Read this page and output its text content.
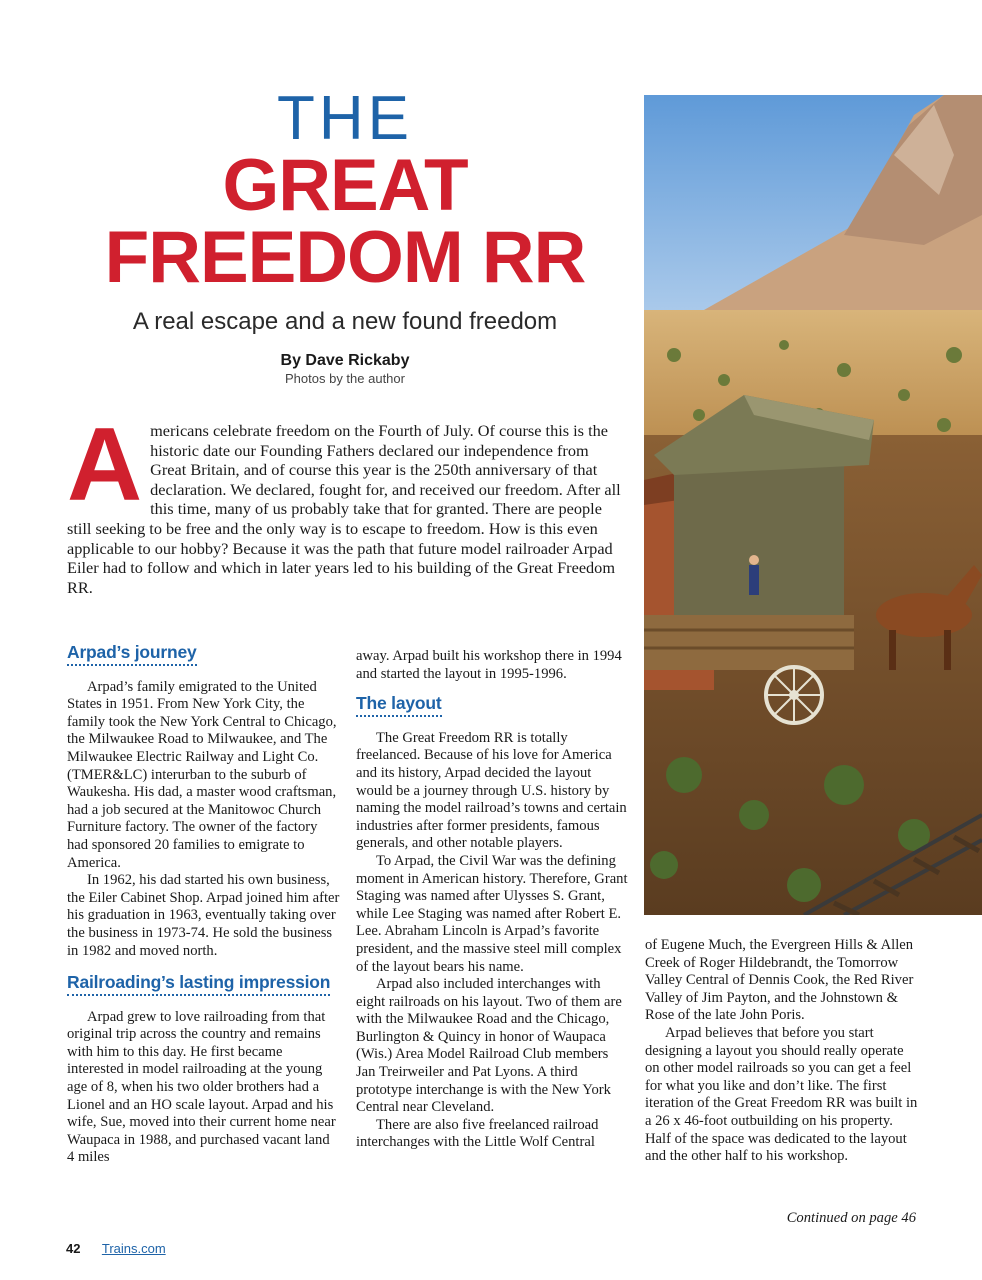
THE
GREAT
FREEDOM RR
A real escape and a new found freedom
By Dave Rickaby
Photos by the author
A mericans celebrate freedom on the Fourth of July. Of course this is the historic date our Founding Fathers declared our independence from Great Britain, and of course this year is the 250th anniversary of that declaration. We declared, fought for, and received our freedom. After all this time, many of us probably take that for granted. There are people still seeking to be free and the only way is to escape to freedom. How is this even applicable to our hobby? Because it was the path that future model railroader Arpad Eiler had to follow and which in later years led to his building of the Great Freedom RR.
Arpad’s journey

Arpad’s family emigrated to the United States in 1951. From New York City, the family took the New York Central to Chicago, the Milwaukee Road to Milwaukee, and The Milwaukee Electric Railway and Light Co. (TMER&LC) interurban to the suburb of Waukesha. His dad, a master wood craftsman, had a job secured at the Manitowoc Church Furniture factory. The owner of the factory had sponsored 20 families to emigrate to America.

In 1962, his dad started his own business, the Eiler Cabinet Shop. Arpad joined him after his graduation in 1963, eventually taking over the business in 1973-74. He sold the business in 1982 and moved north.

Railroading’s lasting impression

Arpad grew to love railroading from that original trip across the country and remains with him to this day. He first became interested in model railroading at the young age of 8, when his two older brothers had a Lionel and an HO scale layout. Arpad and his wife, Sue, moved into their current home near Waupaca in 1988, and purchased vacant land 4 miles

away. Arpad built his workshop there in 1994 and started the layout in 1995-1996.

The layout

The Great Freedom RR is totally freelanced. Because of his love for America and its history, Arpad decided the layout would be a journey through U.S. history by naming the model railroad’s towns and certain industries after former presidents, famous generals, and other notable players.

To Arpad, the Civil War was the defining moment in American history. Therefore, Grant Staging was named after Ulysses S. Grant, while Lee Staging was named after Robert E. Lee. Abraham Lincoln is Arpad’s favorite president, and the massive steel mill complex of the layout bears his name.

Arpad also included interchanges with eight railroads on his layout. Two of them are with the Milwaukee Road and the Chicago, Burlington & Quincy in honor of Waupaca (Wis.) Area Model Railroad Club members Jan Treirweiler and Pat Lyons. A third prototype interchange is with the New York Central near Cleveland.

There are also five freelanced railroad interchanges with the Little Wolf Central

of Eugene Much, the Evergreen Hills & Allen Creek of Roger Hildebrandt, the Tomorrow Valley Central of Dennis Cook, the Red River Valley of Jim Payton, and the Johnstown & Rose of the late John Poris.

Arpad believes that before you start designing a layout you should really operate on other model railroads so you can get a feel for what you like and don’t like. The first iteration of the Great Freedom RR was built in a 26 x 46-foot outbuilding on his property. Half of the space was dedicated to the layout and the other half to his workshop.

Continued on page 46
42 Trains.com
